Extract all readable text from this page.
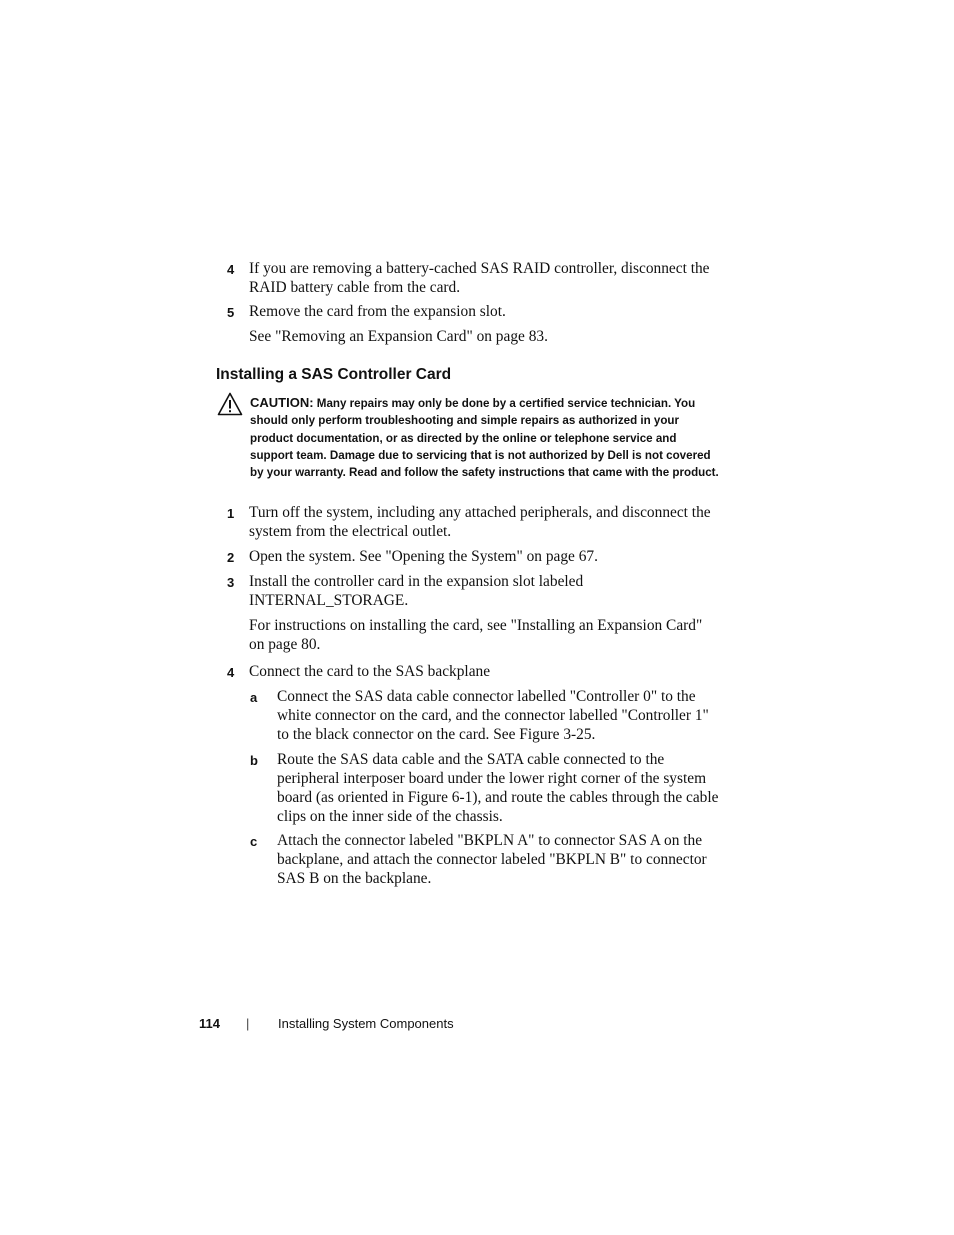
4 If you are removing a battery-cached SAS RAID controller, disconnect the RAID battery cable from the card.
5 Remove the card from the expansion slot.
See "Removing an Expansion Card" on page 83.
Installing a SAS Controller Card
CAUTION: Many repairs may only be done by a certified service technician. You should only perform troubleshooting and simple repairs as authorized in your product documentation, or as directed by the online or telephone service and support team. Damage due to servicing that is not authorized by Dell is not covered by your warranty. Read and follow the safety instructions that came with the product.
1 Turn off the system, including any attached peripherals, and disconnect the system from the electrical outlet.
2 Open the system. See "Opening the System" on page 67.
3 Install the controller card in the expansion slot labeled INTERNAL_STORAGE.
For instructions on installing the card, see "Installing an Expansion Card" on page 80.
4 Connect the card to the SAS backplane
a Connect the SAS data cable connector labelled "Controller 0" to the white connector on the card, and the connector labelled "Controller 1" to the black connector on the card. See Figure 3-25.
b Route the SAS data cable and the SATA cable connected to the peripheral interposer board under the lower right corner of the system board (as oriented in Figure 6-1), and route the cables through the cable clips on the inner side of the chassis.
c Attach the connector labeled "BKPLN A" to connector SAS A on the backplane, and attach the connector labeled "BKPLN B" to connector SAS B on the backplane.
114 | Installing System Components
